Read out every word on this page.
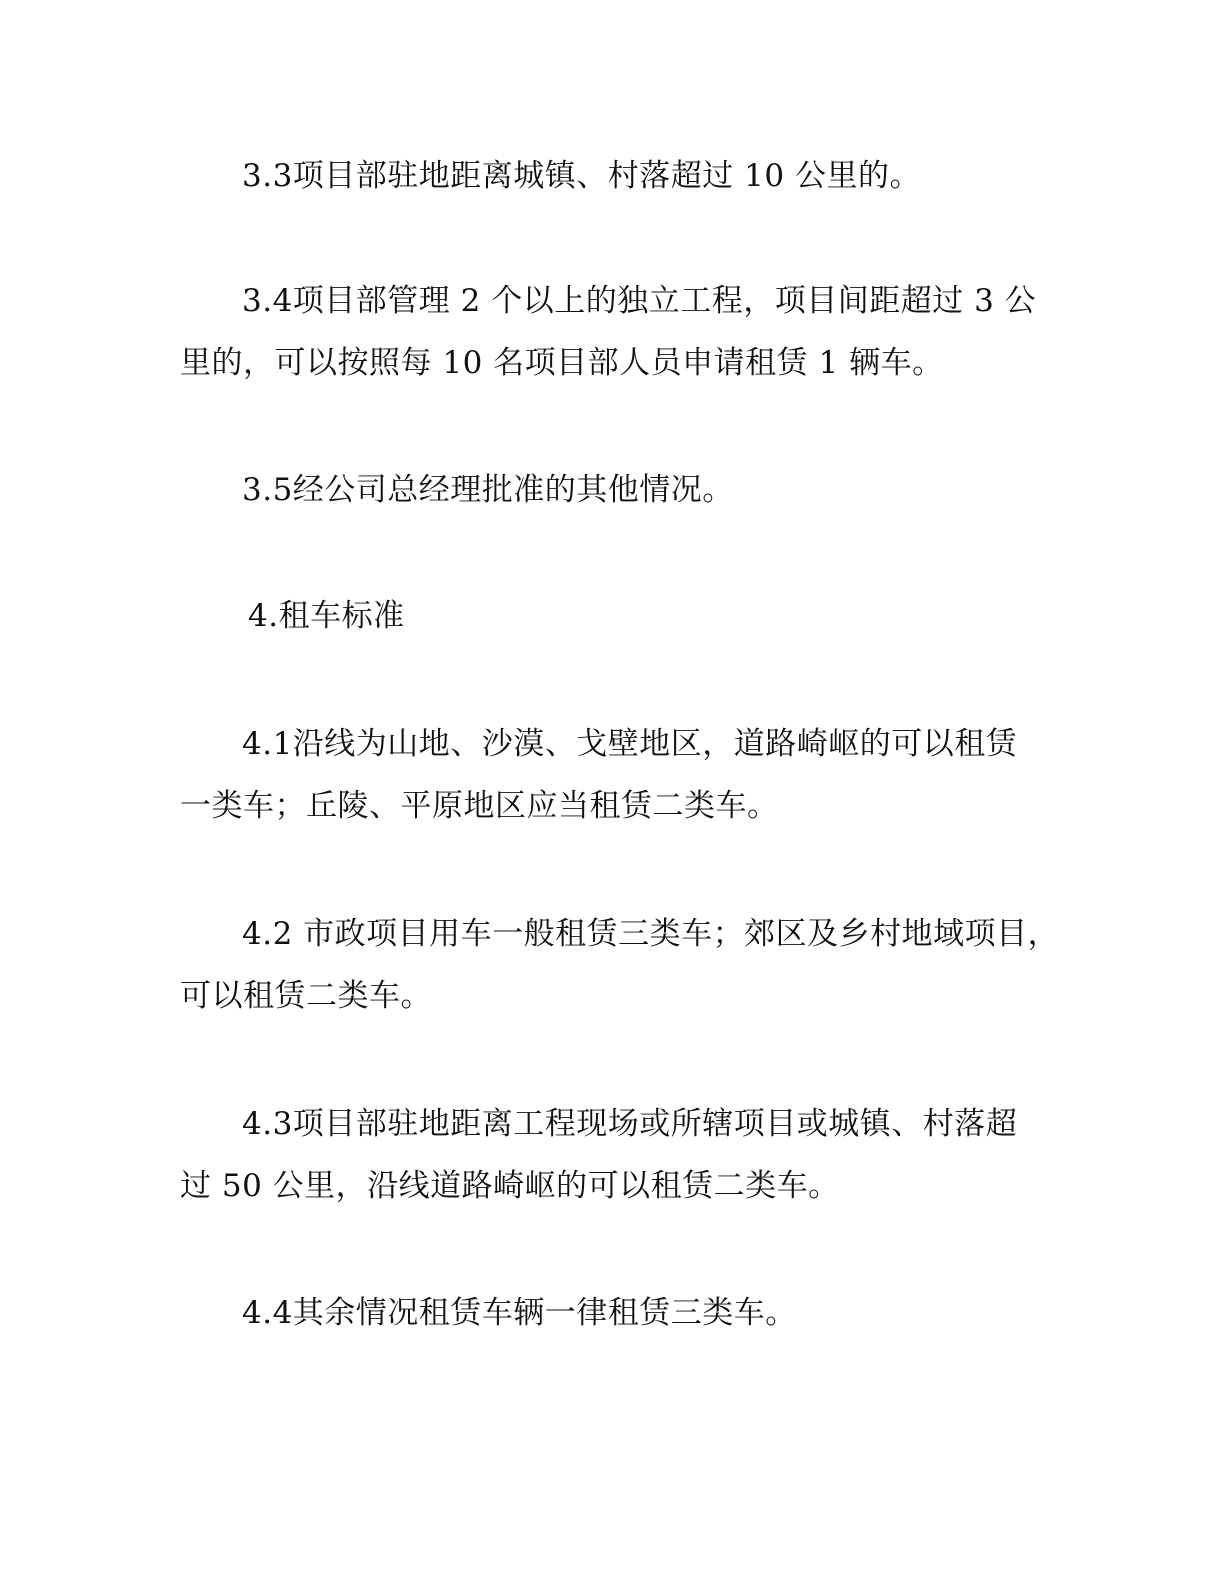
3.3项目部驻地距离城镇、村落超过 10 公里的。

3.4项目部管理 2 个以上的独立工程，项目间距超过 3 公
里的，可以按照每 10 名项目部人员申请租赁 1 辆车。

3.5经公司总经理批准的其他情况。

4.租车标准

4.1沿线为山地、沙漠、戈壁地区，道路崎岖的可以租赁
一类车；丘陵、平原地区应当租赁二类车。

4.2 市政项目用车一般租赁三类车；郊区及乡村地域项目，
可以租赁二类车。

4.3项目部驻地距离工程现场或所辖项目或城镇、村落超
过 50 公里，沿线道路崎岖的可以租赁二类车。

4.4其余情况租赁车辆一律租赁三类车。
